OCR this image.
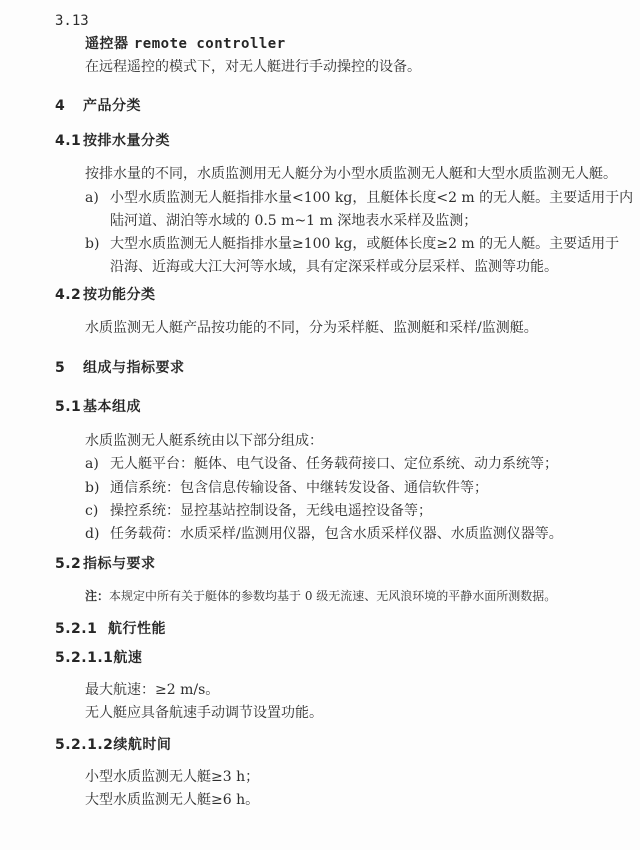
3.13
遥控器 remote controller
在远程遥控的模式下，对无人艇进行手动操控的设备。
4 产品分类
4.1 按排水量分类
按排水量的不同，水质监测用无人艇分为小型水质监测无人艇和大型水质监测无人艇。
a) 小型水质监测无人艇指排水量<100 kg，且艇体长度<2 m 的无人艇。主要适用于内
陆河道、湖泊等水域的 0.5 m~1 m 深地表水采样及监测；
b) 大型水质监测无人艇指排水量≥100 kg，或艇体长度≥2 m 的无人艇。主要适用于
沿海、近海或大江大河等水域，具有定深采样或分层采样、监测等功能。
4.2 按功能分类
水质监测无人艇产品按功能的不同，分为采样艇、监测艇和采样/监测艇。
5 组成与指标要求
5.1 基本组成
水质监测无人艇系统由以下部分组成：
a) 无人艇平台：艇体、电气设备、任务载荷接口、定位系统、动力系统等；
b) 通信系统：包含信息传输设备、中继转发设备、通信软件等；
c) 操控系统：显控基站控制设备，无线电遥控设备等；
d) 任务载荷：水质采样/监测用仪器，包含水质采样仪器、水质监测仪器等。
5.2 指标与要求
注：本规定中所有关于艇体的参数均基于 0 级无流速、无风浪环境的平静水面所测数据。
5.2.1 航行性能
5.2.1.1航速
最大航速：≥2 m/s。
无人艇应具备航速手动调节设置功能。
5.2.1.2续航时间
小型水质监测无人艇≥3 h；
大型水质监测无人艇≥6 h。
